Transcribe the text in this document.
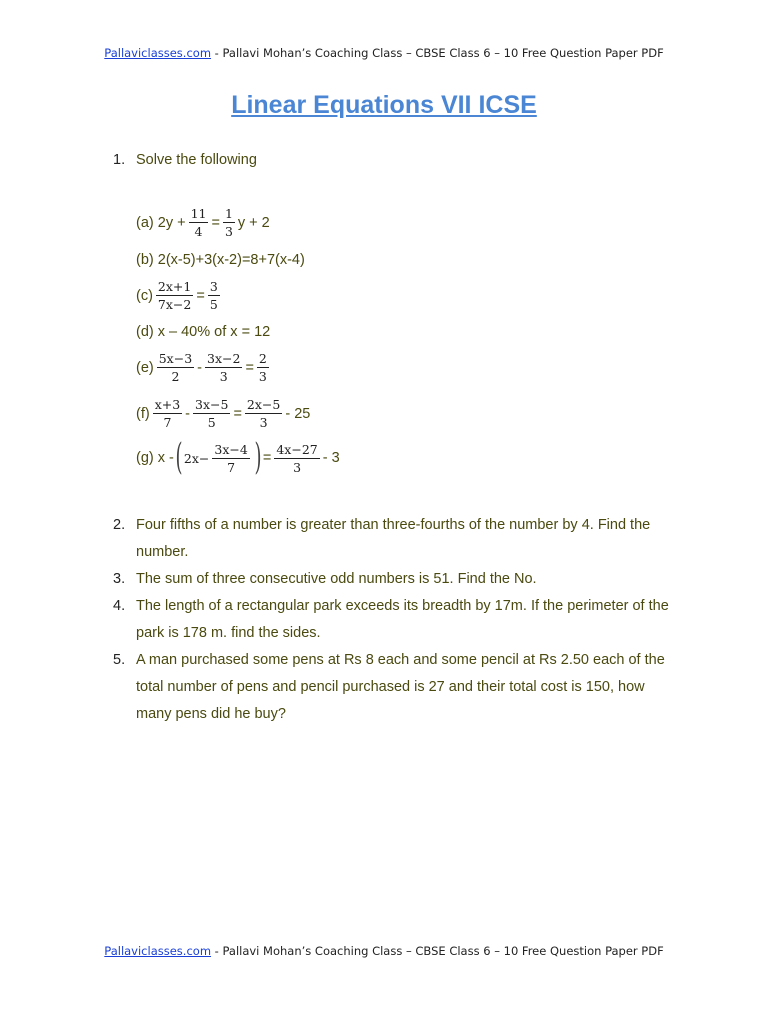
Pallaviclasses.com - Pallavi Mohan’s Coaching Class – CBSE Class 6 – 10 Free Question Paper PDF
Linear Equations VII ICSE
1. Solve the following
(a) $2y + \frac{11}{4} = \frac{1}{3}$ y + 2
(b) 2(x-5)+3(x-2)=8+7(x-4)
$(c) \frac{2x+1}{7x-2} = \frac{3}{5}$
(d) x – 40% of x = 12
$(e) \frac{5x-3}{2} - \frac{3x-2}{3} = \frac{2}{3}$
$(f) \frac{x+3}{7} - \frac{3x-5}{5} = \frac{2x-5}{3} - 25$
(g) x - ( $2x- \frac{3x-4}{7}$ ) = $\frac{4x-27}{3} - 3$
2. Four fifths of a number is greater than three-fourths of the number by 4. Find the number.
3. The sum of three consecutive odd numbers is 51. Find the No.
4. The length of a rectangular park exceeds its breadth by 17m. If the perimeter of the park is 178 m. find the sides.
5. A man purchased some pens at Rs 8 each and some pencil at Rs 2.50 each of the total number of pens and pencil purchased is 27 and their total cost is 150, how many pens did he buy?
Pallaviclasses.com - Pallavi Mohan’s Coaching Class – CBSE Class 6 – 10 Free Question Paper PDF
